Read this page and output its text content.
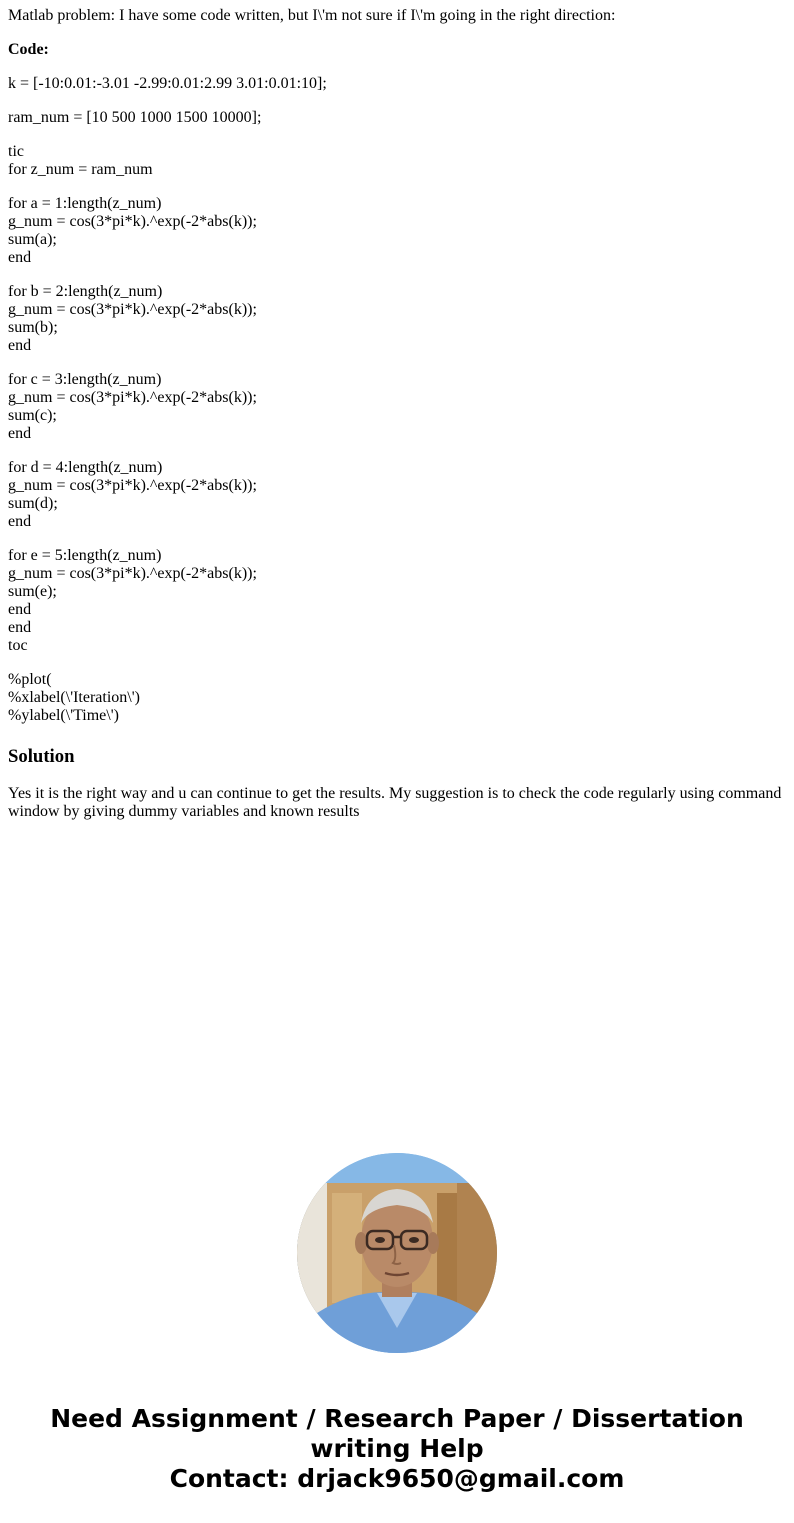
Matlab problem: I have some code written, but I\'m not sure if I\'m going in the right direction:
Code:
k = [-10:0.01:-3.01 -2.99:0.01:2.99 3.01:0.01:10];
ram_num = [10 500 1000 1500 10000];
tic
for z_num = ram_num
for a = 1:length(z_num)
g_num = cos(3*pi*k).^exp(-2*abs(k));
sum(a);
end
for b = 2:length(z_num)
g_num = cos(3*pi*k).^exp(-2*abs(k));
sum(b);
end
for c = 3:length(z_num)
g_num = cos(3*pi*k).^exp(-2*abs(k));
sum(c);
end
for d = 4:length(z_num)
g_num = cos(3*pi*k).^exp(-2*abs(k));
sum(d);
end
for e = 5:length(z_num)
g_num = cos(3*pi*k).^exp(-2*abs(k));
sum(e);
end
end
toc
%plot(
%xlabel(\'Iteration\')
%ylabel(\'Time\')
Solution
Yes it is the right way and u can continue to get the results. My suggestion is to check the code regularly using command window by giving dummy variables and known results
Need Assignment / Research Paper / Dissertation
writing Help
Contact: drjack9650@gmail.com
